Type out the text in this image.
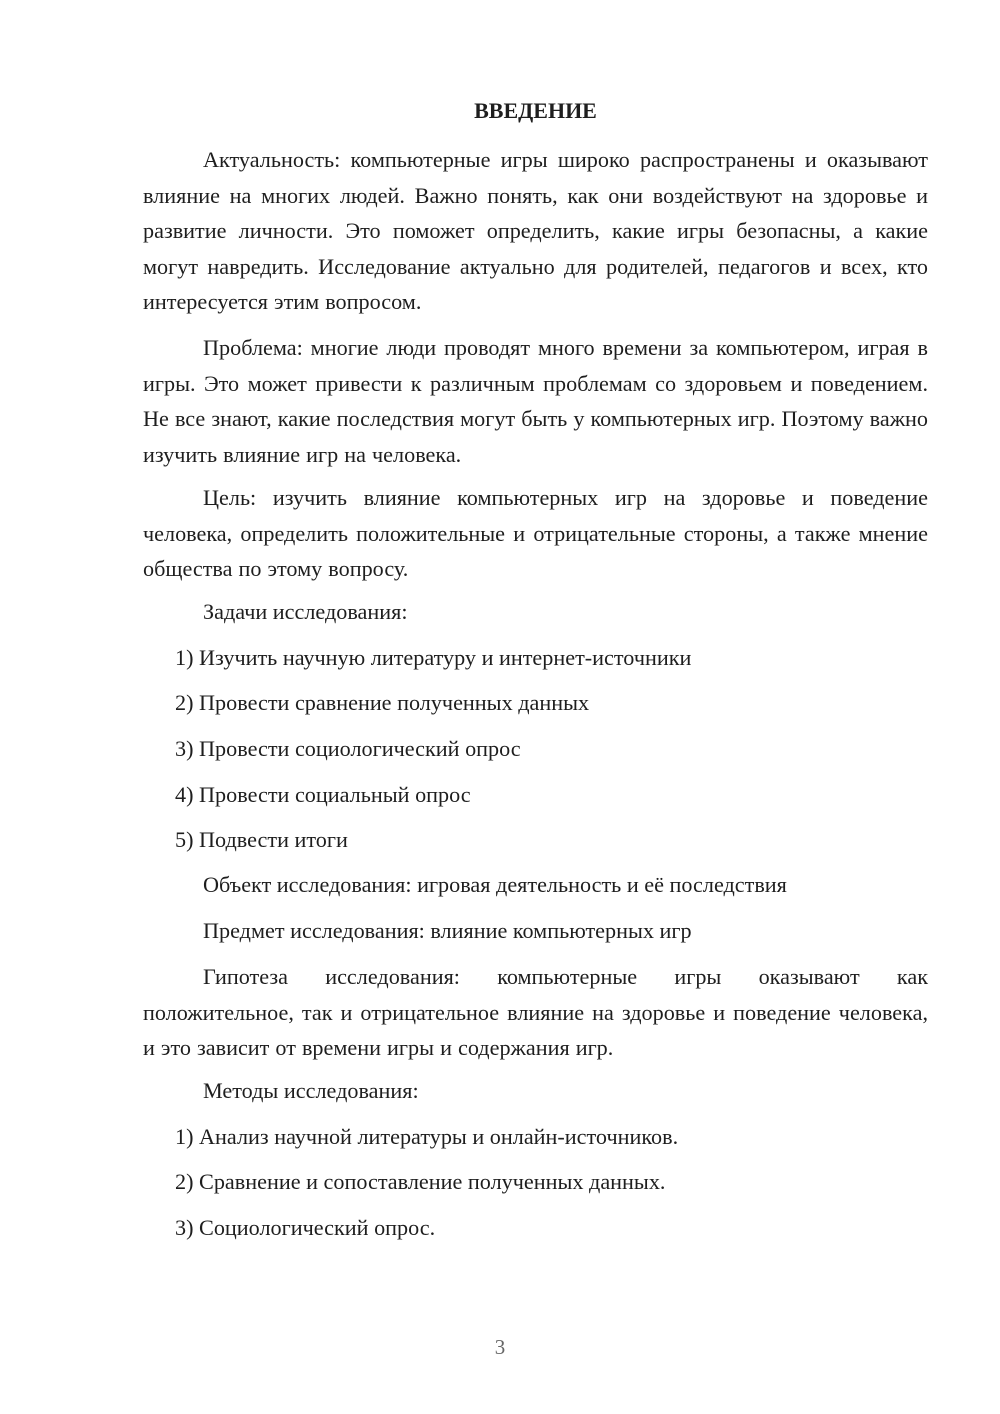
ВВЕДЕНИЕ

Актуальность: компьютерные игры широко распространены и оказывают влияние на многих людей. Важно понять, как они воздействуют на здоровье и развитие личности. Это поможет определить, какие игры безопасны, а какие могут навредить. Исследование актуально для родителей, педагогов и всех, кто интересуется этим вопросом.

Проблема: многие люди проводят много времени за компьютером, играя в игры. Это может привести к различным проблемам со здоровьем и поведением. Не все знают, какие последствия могут быть у компьютерных игр. Поэтому важно изучить влияние игр на человека.

Цель: изучить влияние компьютерных игр на здоровье и поведение человека, определить положительные и отрицательные стороны, а также мнение общества по этому вопросу.

Задачи исследования:

1) Изучить научную литературу и интернет-источники

2) Провести сравнение полученных данных

3) Провести социологический опрос

4) Провести социальный опрос

5) Подвести итоги

Объект исследования: игровая деятельность и её последствия

Предмет исследования: влияние компьютерных игр

Гипотеза исследования: компьютерные игры оказывают как положительное, так и отрицательное влияние на здоровье и поведение человека, и это зависит от времени игры и содержания игр.

Методы исследования:

1) Анализ научной литературы и онлайн-источников.

2) Сравнение и сопоставление полученных данных.

3) Социологический опрос.

3
